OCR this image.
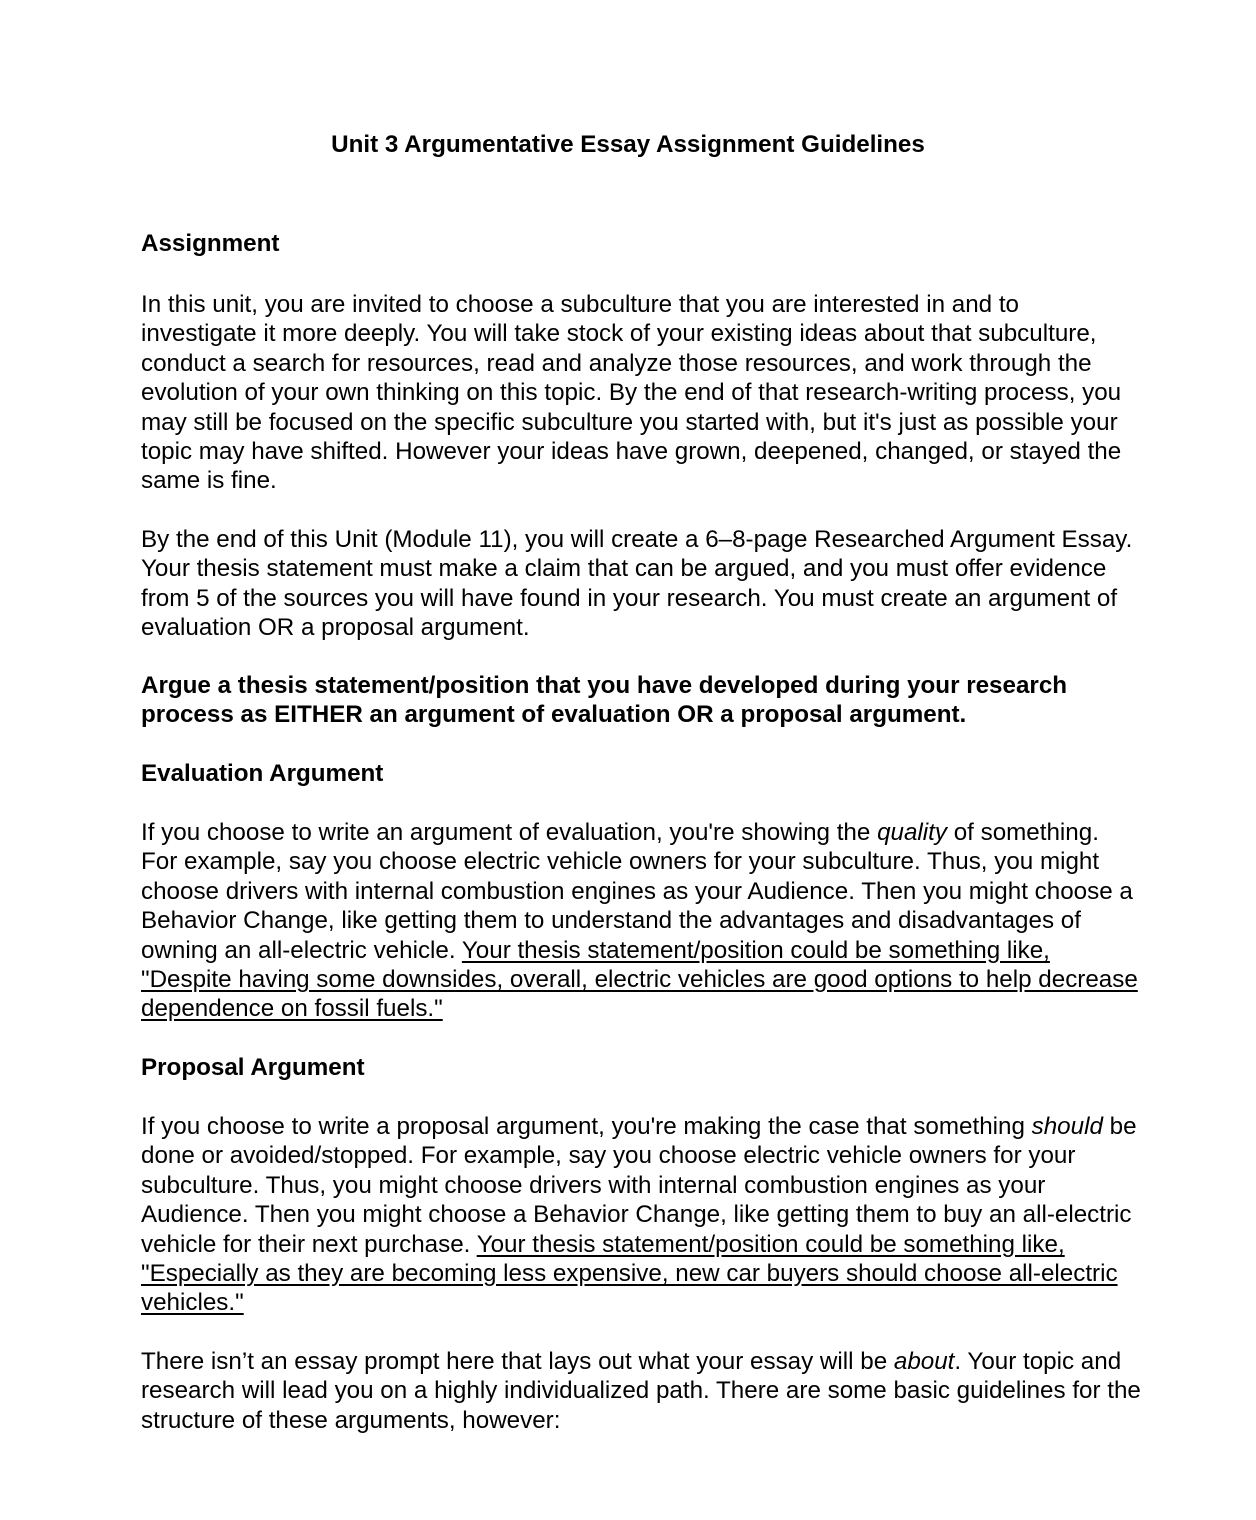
Unit 3 Argumentative Essay Assignment Guidelines

Assignment

In this unit, you are invited to choose a subculture that you are interested in and to investigate it more deeply. You will take stock of your existing ideas about that subculture, conduct a search for resources, read and analyze those resources, and work through the evolution of your own thinking on this topic. By the end of that research-writing process, you may still be focused on the specific subculture you started with, but it's just as possible your topic may have shifted. However your ideas have grown, deepened, changed, or stayed the same is fine.

By the end of this Unit (Module 11), you will create a 6–8-page Researched Argument Essay. Your thesis statement must make a claim that can be argued, and you must offer evidence from 5 of the sources you will have found in your research. You must create an argument of evaluation OR a proposal argument.

Argue a thesis statement/position that you have developed during your research process as EITHER an argument of evaluation OR a proposal argument.

Evaluation Argument

If you choose to write an argument of evaluation, you're showing the quality of something. For example, say you choose electric vehicle owners for your subculture. Thus, you might choose drivers with internal combustion engines as your Audience. Then you might choose a Behavior Change, like getting them to understand the advantages and disadvantages of owning an all-electric vehicle. Your thesis statement/position could be something like, "Despite having some downsides, overall, electric vehicles are good options to help decrease dependence on fossil fuels."

Proposal Argument

If you choose to write a proposal argument, you're making the case that something should be done or avoided/stopped. For example, say you choose electric vehicle owners for your subculture. Thus, you might choose drivers with internal combustion engines as your Audience. Then you might choose a Behavior Change, like getting them to buy an all-electric vehicle for their next purchase. Your thesis statement/position could be something like, "Especially as they are becoming less expensive, new car buyers should choose all-electric vehicles."

There isn’t an essay prompt here that lays out what your essay will be about. Your topic and research will lead you on a highly individualized path. There are some basic guidelines for the structure of these arguments, however:
